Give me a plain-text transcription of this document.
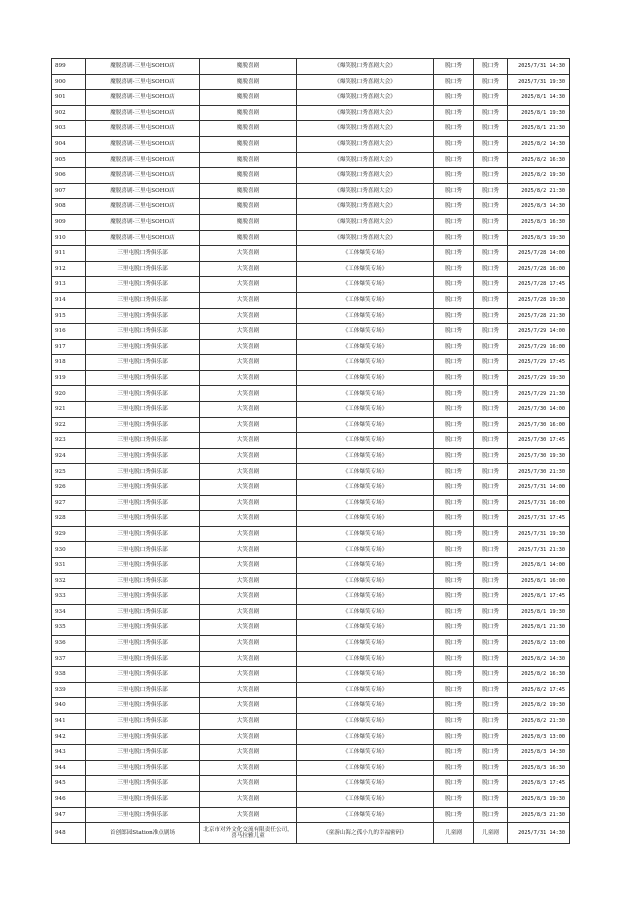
899	魔脱喜剧-三里屯SOHO店	魔脱喜剧	《爆笑脱口秀喜剧大会》	脱口秀	脱口秀	2025/7/31 14:30
900	魔脱喜剧-三里屯SOHO店	魔脱喜剧	《爆笑脱口秀喜剧大会》	脱口秀	脱口秀	2025/7/31 19:30
901	魔脱喜剧-三里屯SOHO店	魔脱喜剧	《爆笑脱口秀喜剧大会》	脱口秀	脱口秀	2025/8/1 14:30
902	魔脱喜剧-三里屯SOHO店	魔脱喜剧	《爆笑脱口秀喜剧大会》	脱口秀	脱口秀	2025/8/1 19:30
903	魔脱喜剧-三里屯SOHO店	魔脱喜剧	《爆笑脱口秀喜剧大会》	脱口秀	脱口秀	2025/8/1 21:30
904	魔脱喜剧-三里屯SOHO店	魔脱喜剧	《爆笑脱口秀喜剧大会》	脱口秀	脱口秀	2025/8/2 14:30
905	魔脱喜剧-三里屯SOHO店	魔脱喜剧	《爆笑脱口秀喜剧大会》	脱口秀	脱口秀	2025/8/2 16:30
906	魔脱喜剧-三里屯SOHO店	魔脱喜剧	《爆笑脱口秀喜剧大会》	脱口秀	脱口秀	2025/8/2 19:30
907	魔脱喜剧-三里屯SOHO店	魔脱喜剧	《爆笑脱口秀喜剧大会》	脱口秀	脱口秀	2025/8/2 21:30
908	魔脱喜剧-三里屯SOHO店	魔脱喜剧	《爆笑脱口秀喜剧大会》	脱口秀	脱口秀	2025/8/3 14:30
909	魔脱喜剧-三里屯SOHO店	魔脱喜剧	《爆笑脱口秀喜剧大会》	脱口秀	脱口秀	2025/8/3 16:30
910	魔脱喜剧-三里屯SOHO店	魔脱喜剧	《爆笑脱口秀喜剧大会》	脱口秀	脱口秀	2025/8/3 19:30
911	三里屯脱口秀俱乐部	大笑喜剧	《工体爆笑专场》	脱口秀	脱口秀	2025/7/28 14:00
912	三里屯脱口秀俱乐部	大笑喜剧	《工体爆笑专场》	脱口秀	脱口秀	2025/7/28 16:00
913	三里屯脱口秀俱乐部	大笑喜剧	《工体爆笑专场》	脱口秀	脱口秀	2025/7/28 17:45
914	三里屯脱口秀俱乐部	大笑喜剧	《工体爆笑专场》	脱口秀	脱口秀	2025/7/28 19:30
915	三里屯脱口秀俱乐部	大笑喜剧	《工体爆笑专场》	脱口秀	脱口秀	2025/7/28 21:30
916	三里屯脱口秀俱乐部	大笑喜剧	《工体爆笑专场》	脱口秀	脱口秀	2025/7/29 14:00
917	三里屯脱口秀俱乐部	大笑喜剧	《工体爆笑专场》	脱口秀	脱口秀	2025/7/29 16:00
918	三里屯脱口秀俱乐部	大笑喜剧	《工体爆笑专场》	脱口秀	脱口秀	2025/7/29 17:45
919	三里屯脱口秀俱乐部	大笑喜剧	《工体爆笑专场》	脱口秀	脱口秀	2025/7/29 19:30
920	三里屯脱口秀俱乐部	大笑喜剧	《工体爆笑专场》	脱口秀	脱口秀	2025/7/29 21:30
921	三里屯脱口秀俱乐部	大笑喜剧	《工体爆笑专场》	脱口秀	脱口秀	2025/7/30 14:00
922	三里屯脱口秀俱乐部	大笑喜剧	《工体爆笑专场》	脱口秀	脱口秀	2025/7/30 16:00
923	三里屯脱口秀俱乐部	大笑喜剧	《工体爆笑专场》	脱口秀	脱口秀	2025/7/30 17:45
924	三里屯脱口秀俱乐部	大笑喜剧	《工体爆笑专场》	脱口秀	脱口秀	2025/7/30 19:30
925	三里屯脱口秀俱乐部	大笑喜剧	《工体爆笑专场》	脱口秀	脱口秀	2025/7/30 21:30
926	三里屯脱口秀俱乐部	大笑喜剧	《工体爆笑专场》	脱口秀	脱口秀	2025/7/31 14:00
927	三里屯脱口秀俱乐部	大笑喜剧	《工体爆笑专场》	脱口秀	脱口秀	2025/7/31 16:00
928	三里屯脱口秀俱乐部	大笑喜剧	《工体爆笑专场》	脱口秀	脱口秀	2025/7/31 17:45
929	三里屯脱口秀俱乐部	大笑喜剧	《工体爆笑专场》	脱口秀	脱口秀	2025/7/31 19:30
930	三里屯脱口秀俱乐部	大笑喜剧	《工体爆笑专场》	脱口秀	脱口秀	2025/7/31 21:30
931	三里屯脱口秀俱乐部	大笑喜剧	《工体爆笑专场》	脱口秀	脱口秀	2025/8/1 14:00
932	三里屯脱口秀俱乐部	大笑喜剧	《工体爆笑专场》	脱口秀	脱口秀	2025/8/1 16:00
933	三里屯脱口秀俱乐部	大笑喜剧	《工体爆笑专场》	脱口秀	脱口秀	2025/8/1 17:45
934	三里屯脱口秀俱乐部	大笑喜剧	《工体爆笑专场》	脱口秀	脱口秀	2025/8/1 19:30
935	三里屯脱口秀俱乐部	大笑喜剧	《工体爆笑专场》	脱口秀	脱口秀	2025/8/1 21:30
936	三里屯脱口秀俱乐部	大笑喜剧	《工体爆笑专场》	脱口秀	脱口秀	2025/8/2 13:00
937	三里屯脱口秀俱乐部	大笑喜剧	《工体爆笑专场》	脱口秀	脱口秀	2025/8/2 14:30
938	三里屯脱口秀俱乐部	大笑喜剧	《工体爆笑专场》	脱口秀	脱口秀	2025/8/2 16:30
939	三里屯脱口秀俱乐部	大笑喜剧	《工体爆笑专场》	脱口秀	脱口秀	2025/8/2 17:45
940	三里屯脱口秀俱乐部	大笑喜剧	《工体爆笑专场》	脱口秀	脱口秀	2025/8/2 19:30
941	三里屯脱口秀俱乐部	大笑喜剧	《工体爆笑专场》	脱口秀	脱口秀	2025/8/2 21:30
942	三里屯脱口秀俱乐部	大笑喜剧	《工体爆笑专场》	脱口秀	脱口秀	2025/8/3 13:00
943	三里屯脱口秀俱乐部	大笑喜剧	《工体爆笑专场》	脱口秀	脱口秀	2025/8/3 14:30
944	三里屯脱口秀俱乐部	大笑喜剧	《工体爆笑专场》	脱口秀	脱口秀	2025/8/3 16:30
945	三里屯脱口秀俱乐部	大笑喜剧	《工体爆笑专场》	脱口秀	脱口秀	2025/8/3 17:45
946	三里屯脱口秀俱乐部	大笑喜剧	《工体爆笑专场》	脱口秀	脱口秀	2025/8/3 19:30
947	三里屯脱口秀俱乐部	大笑喜剧	《工体爆笑专场》	脱口秀	脱口秀	2025/8/3 21:30
948	首创郎园Station准点剧场	北京市对外文化交流有限责任公司，喜马拉雅儿童	《童游山海之孤小九的幸福密码》	儿童剧	儿童剧	2025/7/31 14:30
